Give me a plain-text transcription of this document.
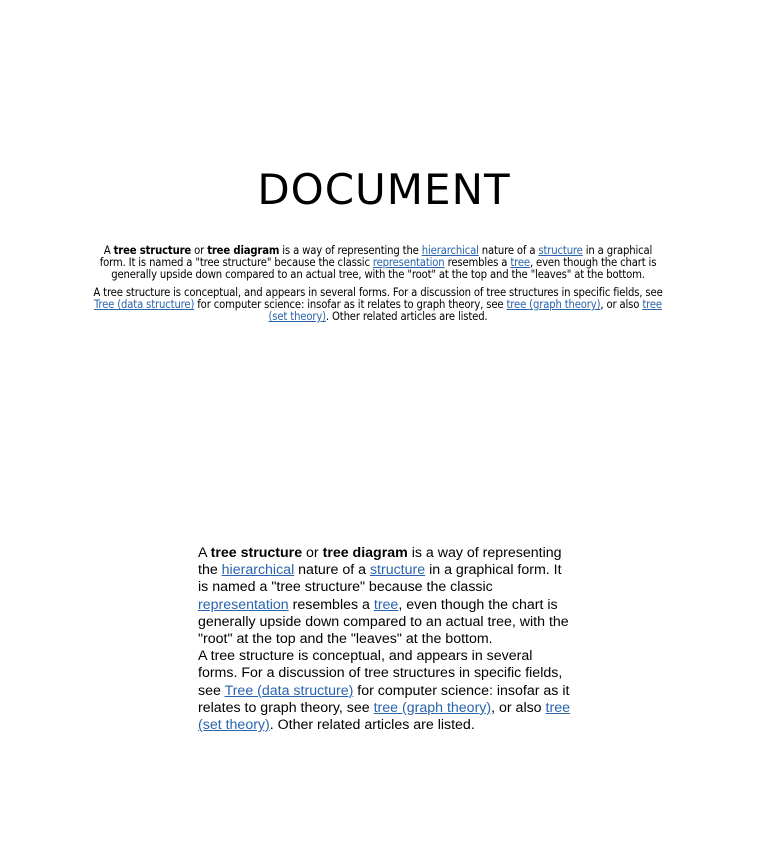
DOCUMENT

A tree structure or tree diagram is a way of representing the hierarchical nature of a structure in a graphical form. It is named a "tree structure" because the classic representation resembles a tree, even though the chart is generally upside down compared to an actual tree, with the "root" at the top and the "leaves" at the bottom.

A tree structure is conceptual, and appears in several forms. For a discussion of tree structures in specific fields, see Tree (data structure) for computer science: insofar as it relates to graph theory, see tree (graph theory), or also tree (set theory). Other related articles are listed.

A tree structure or tree diagram is a way of representing the hierarchical nature of a structure in a graphical form. It is named a "tree structure" because the classic representation resembles a tree, even though the chart is generally upside down compared to an actual tree, with the "root" at the top and the "leaves" at the bottom.

A tree structure is conceptual, and appears in several forms. For a discussion of tree structures in specific fields, see Tree (data structure) for computer science: insofar as it relates to graph theory, see tree (graph theory), or also tree (set theory). Other related articles are listed.
